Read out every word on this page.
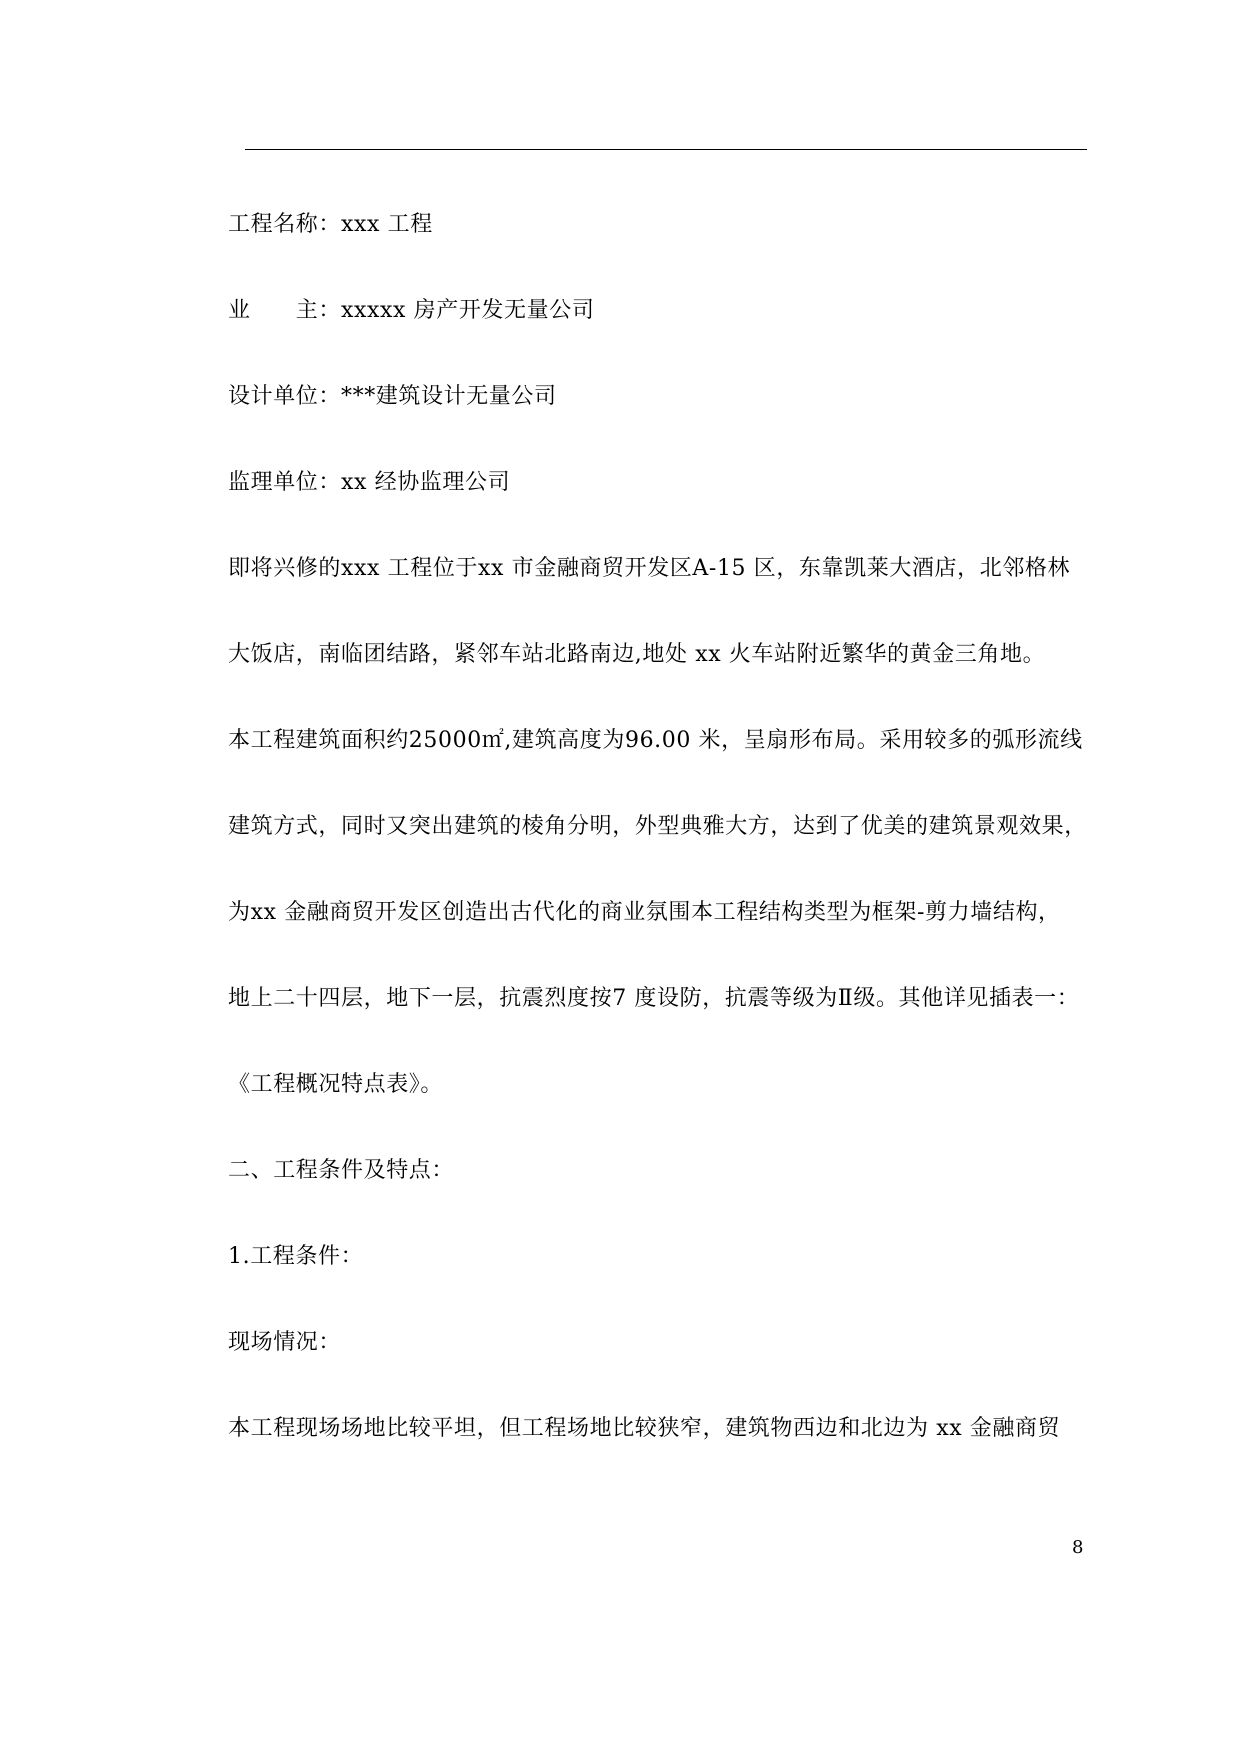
工程名称：xxx 工程
业　　主：xxxxx 房产开发无量公司
设计单位：***建筑设计无量公司
监理单位：xx 经协监理公司
即将兴修的xxx 工程位于xx 市金融商贸开发区A-15 区，东靠凯莱大酒店，北邻格林
大饭店，南临团结路，紧邻车站北路南边,地处 xx 火车站附近繁华的黄金三角地。
本工程建筑面积约25000㎡,建筑高度为96.00 米，呈扇形布局。采用较多的弧形流线
建筑方式，同时又突出建筑的棱角分明，外型典雅大方，达到了优美的建筑景观效果，
为xx 金融商贸开发区创造出古代化的商业氛围本工程结构类型为框架-剪力墙结构，
地上二十四层，地下一层，抗震烈度按7 度设防，抗震等级为Ⅱ级。其他详见插表一：
《工程概况特点表》。
二、工程条件及特点：
1.工程条件：
现场情况：
本工程现场场地比较平坦，但工程场地比较狭窄，建筑物西边和北边为 xx 金融商贸
8
